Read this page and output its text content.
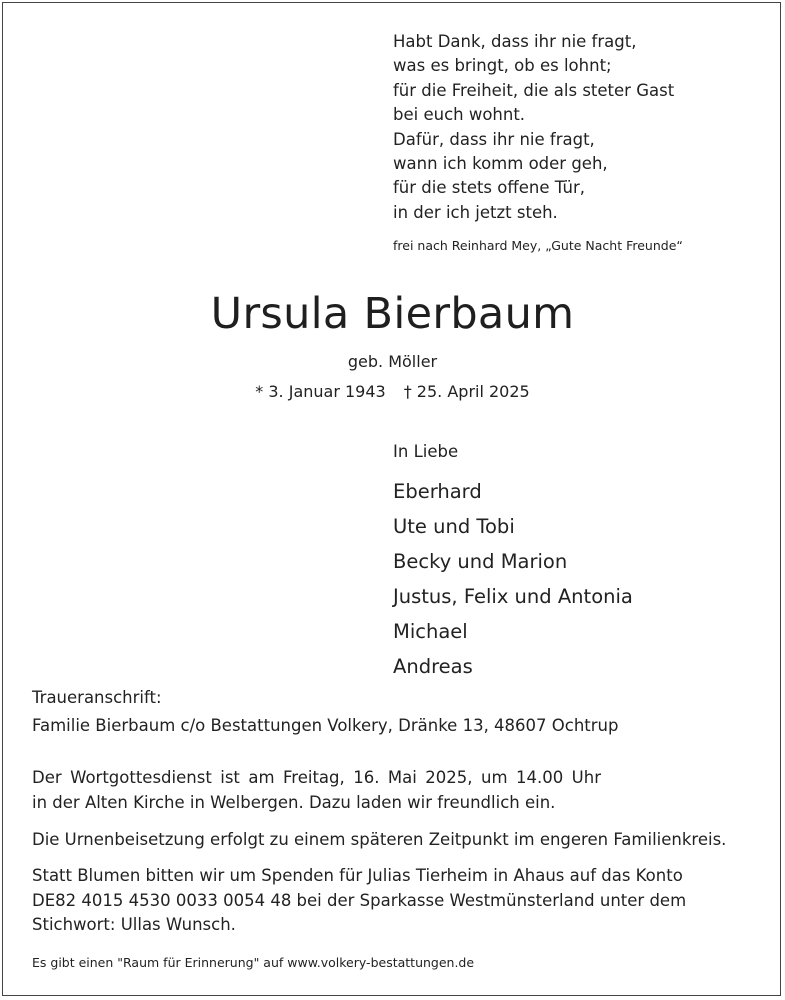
Habt Dank, dass ihr nie fragt,
was es bringt, ob es lohnt;
für die Freiheit, die als steter Gast
bei euch wohnt.
Dafür, dass ihr nie fragt,
wann ich komm oder geh,
für die stets offene Tür,
in der ich jetzt steh.
frei nach Reinhard Mey, „Gute Nacht Freunde“
Ursula Bierbaum
geb. Möller
* 3. Januar 1943 † 25. April 2025
In Liebe
Eberhard
Ute und Tobi
Becky und Marion
Justus, Felix und Antonia
Michael
Andreas
Traueranschrift:
Familie Bierbaum c/o Bestattungen Volkery, Dränke 13, 48607 Ochtrup
Der Wortgottesdienst ist am Freitag, 16. Mai 2025, um 14.00 Uhr
in der Alten Kirche in Welbergen. Dazu laden wir freundlich ein.
Die Urnenbeisetzung erfolgt zu einem späteren Zeitpunkt im engeren Familienkreis.
Statt Blumen bitten wir um Spenden für Julias Tierheim in Ahaus auf das Konto
DE82 4015 4530 0033 0054 48 bei der Sparkasse Westmünsterland unter dem
Stichwort: Ullas Wunsch.
Es gibt einen "Raum für Erinnerung" auf www.volkery-bestattungen.de
